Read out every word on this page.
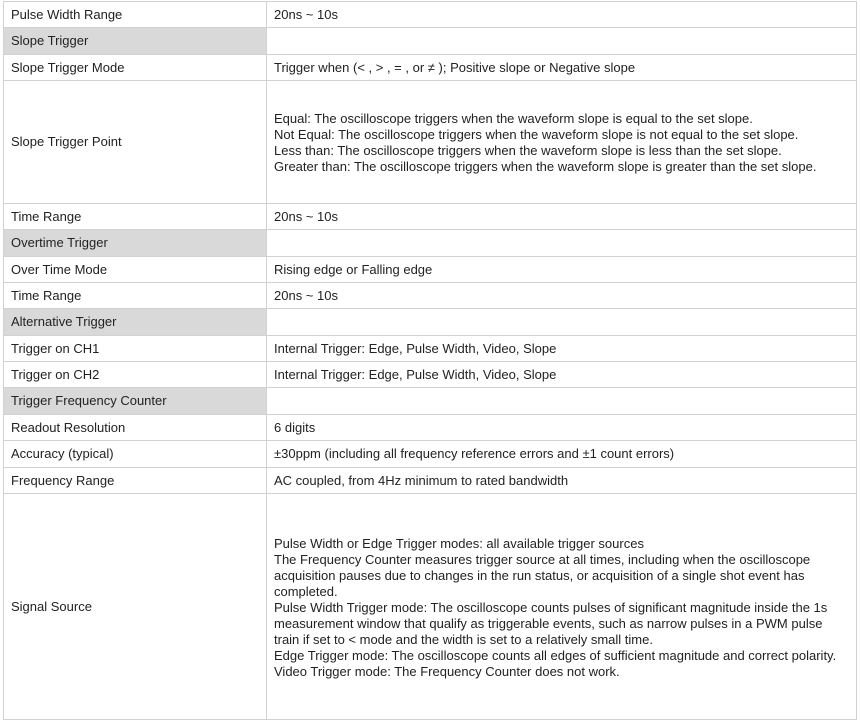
Pulse Width Range	20ns ~ 10s

Slope Trigger	
Slope Trigger Mode	Trigger when (< , > , = , or ≠ ); Positive slope or Negative slope

Slope Trigger Point	Equal: The oscilloscope triggers when the waveform slope is equal to the set slope.
Not Equal: The oscilloscope triggers when the waveform slope is not equal to the set slope.
Less than: The oscilloscope triggers when the waveform slope is less than the set slope.
Greater than: The oscilloscope triggers when the waveform slope is greater than the set slope.

Time Range	20ns ~ 10s

Overtime Trigger	
Over Time Mode	Rising edge or Falling edge

Time Range	20ns ~ 10s

Alternative Trigger	
Trigger on CH1	Internal Trigger: Edge, Pulse Width, Video, Slope

Trigger on CH2	Internal Trigger: Edge, Pulse Width, Video, Slope

Trigger Frequency Counter	
Readout Resolution	6 digits

Accuracy (typical)	±30ppm (including all frequency reference errors and ±1 count errors)

Frequency Range	AC coupled, from 4Hz minimum to rated bandwidth

Signal Source	Pulse Width or Edge Trigger modes: all available trigger sources
The Frequency Counter measures trigger source at all times, including when the oscilloscope acquisition pauses due to changes in the run status, or acquisition of a single shot event has completed.
Pulse Width Trigger mode: The oscilloscope counts pulses of significant magnitude inside the 1s measurement window that qualify as triggerable events, such as narrow pulses in a PWM pulse train if set to < mode and the width is set to a relatively small time.
Edge Trigger mode: The oscilloscope counts all edges of sufficient magnitude and correct polarity.
Video Trigger mode: The Frequency Counter does not work.
